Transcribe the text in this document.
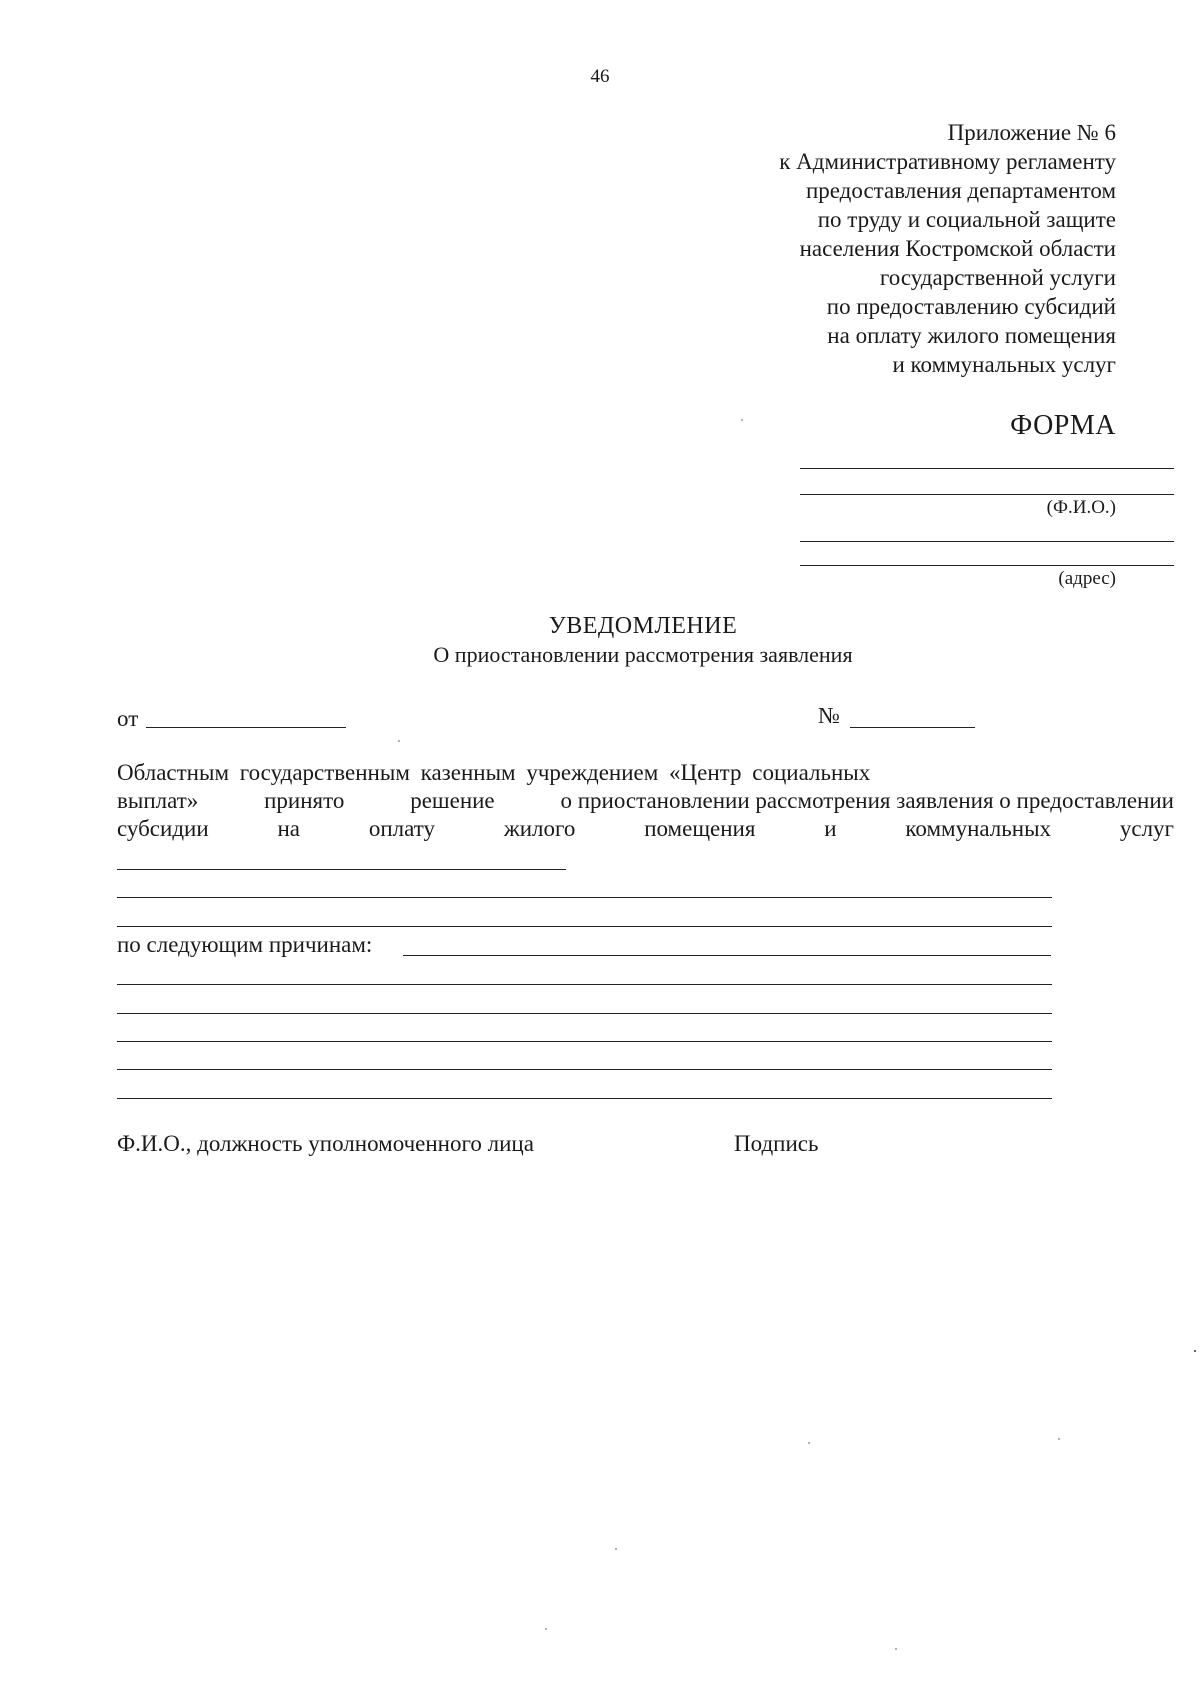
46
Приложение № 6
к Административному регламенту
предоставления департаментом
по труду и социальной защите
населения Костромской области
государственной услуги
по предоставлению субсидий
на оплату жилого помещения
и коммунальных услуг
ФОРМА
(Ф.И.О.)
(адрес)
УВЕДОМЛЕНИЕ
О приостановлении рассмотрения заявления
от	№
Областным государственным казенным учреждением «Центр социальных
выплат»	принято	решение	о приостановлении рассмотрения заявления о предоставлении
субсидии	на	оплату	жилого	помещения	и	коммунальных	услуг
по следующим причинам:
Ф.И.О., должность уполномоченного лица	Подпись
